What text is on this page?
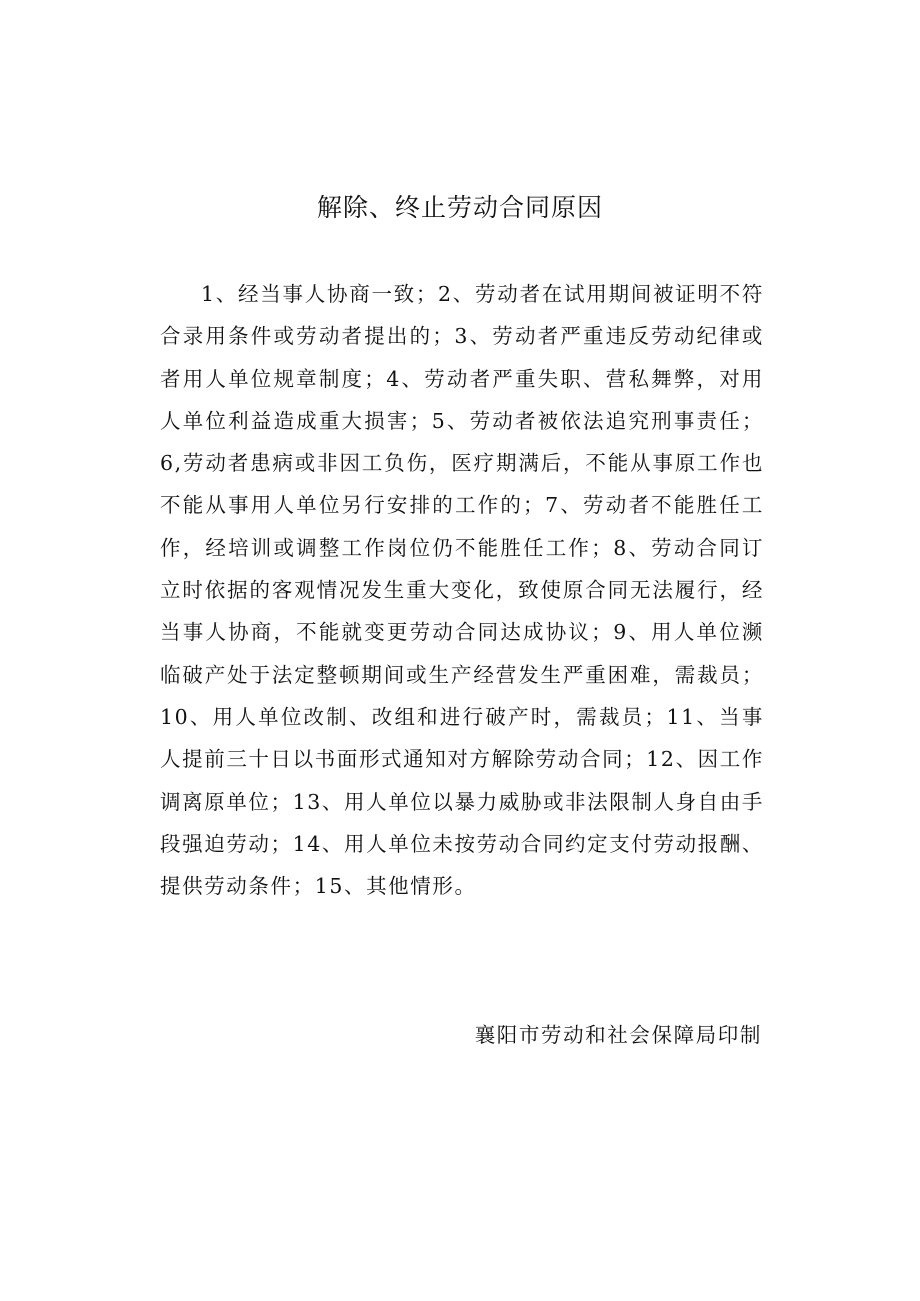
解除、终止劳动合同原因

1、经当事人协商一致；2、劳动者在试用期间被证明不符合录用条件或劳动者提出的；3、劳动者严重违反劳动纪律或者用人单位规章制度；4、劳动者严重失职、营私舞弊，对用人单位利益造成重大损害；5、劳动者被依法追究刑事责任；6,劳动者患病或非因工负伤，医疗期满后，不能从事原工作也不能从事用人单位另行安排的工作的；7、劳动者不能胜任工作，经培训或调整工作岗位仍不能胜任工作；8、劳动合同订立时依据的客观情况发生重大变化，致使原合同无法履行，经当事人协商，不能就变更劳动合同达成协议；9、用人单位濒临破产处于法定整顿期间或生产经营发生严重困难，需裁员；10、用人单位改制、改组和进行破产时，需裁员；11、当事人提前三十日以书面形式通知对方解除劳动合同；12、因工作调离原单位；13、用人单位以暴力威胁或非法限制人身自由手段强迫劳动；14、用人单位未按劳动合同约定支付劳动报酬、提供劳动条件；15、其他情形。

襄阳市劳动和社会保障局印制
